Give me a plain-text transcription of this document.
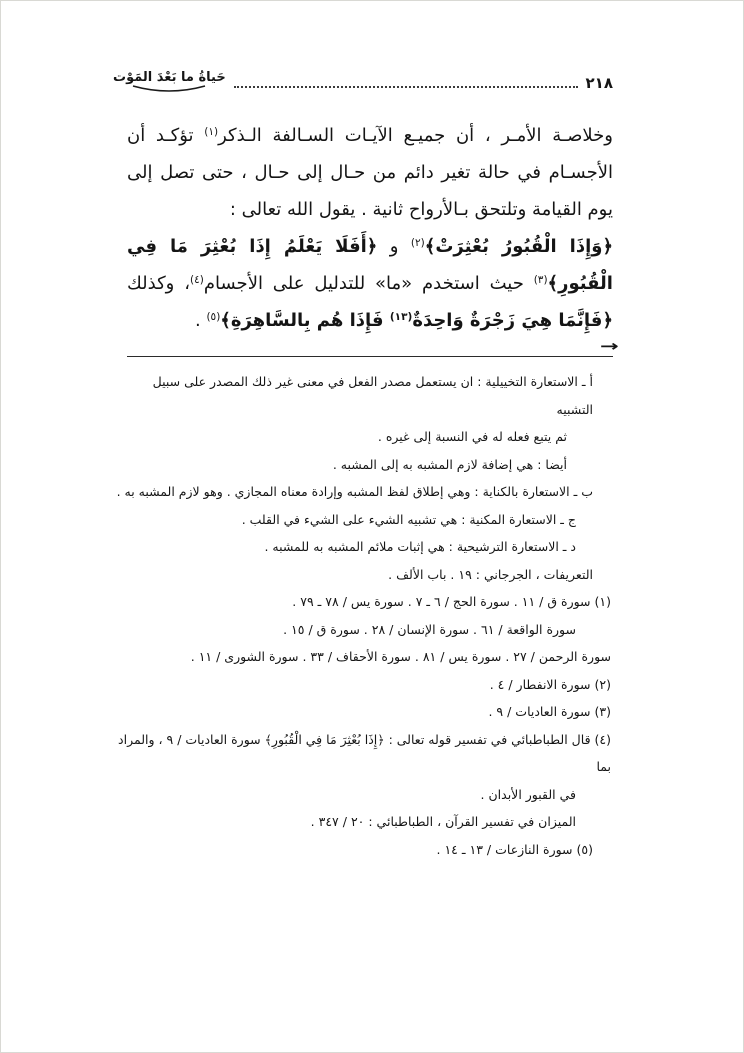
حَياةُ ما بَعْدَ المَوْت	٢١٨

وخلاصـة الأمـر ، أن جميـع الآيـات السـالفة الـذكر$^{(١)}$ تؤكـد أن الأجسـام في حالة تغير دائم من حـال إلى حـال ، حتى تصل إلى يوم القيامة وتلتحق بـالأرواح ثانية . يقول الله تعالى :

﴿وَإِذَا الْقُبُورُ بُعْثِرَتْ﴾$^{(٢)}$ و ﴿أَفَلَا يَعْلَمُ إِذَا بُعْثِرَ مَا فِي الْقُبُورِ﴾$^{(٣)}$ حيث استخدم «ما» للتدليل على الأجسام$^{(٤)}$، وكذلك ﴿فَإِنَّمَا هِيَ زَجْرَةٌ وَاحِدَةٌ$^{(١٣)}$ فَإِذَا هُم بِالسَّاهِرَةِ﴾$^{(٥)}$ .

→
أ ـ الاستعارة التخييلية : ان يستعمل مصدر الفعل في معنى غير ذلك المصدر على سبيل التشبيه
ثم يتبع فعله له في النسبة إلى غيره .
أيضا : هي إضافة لازم المشبه به إلى المشبه .
ب ـ الاستعارة بالكناية : وهي إطلاق لفظ المشبه وإرادة معناه المجازي . وهو لازم المشبه به .
ج ـ الاستعارة المكنية : هي تشبيه الشيء على الشيء في القلب .
د ـ الاستعارة الترشيحية : هي إثبات ملائم المشبه به للمشبه .
التعريفات ، الجرجاني : ١٩ . باب الألف .
(١) سورة ق / ١١ . سورة الحج / ٦ ـ ٧ . سورة يس / ٧٨ ـ ٧٩ .
سورة الواقعة / ٦١ . سورة الإنسان / ٢٨ . سورة ق / ١٥ .
سورة الرحمن / ٢٧ . سورة يس / ٨١ . سورة الأحقاف / ٣٣ . سورة الشورى / ١١ .
(٢) سورة الانفطار / ٤ .
(٣) سورة العاديات / ٩ .
(٤) قال الطباطبائي في تفسير قوله تعالى : ﴿إِذَا بُعْثِرَ مَا فِي الْقُبُورِ﴾ سورة العاديات / ٩ ، والمراد بما
في القبور الأبدان .
الميزان في تفسير القرآن ، الطباطبائي : ٢٠ / ٣٤٧ .
(٥) سورة النازعات / ١٣ ـ ١٤ .
